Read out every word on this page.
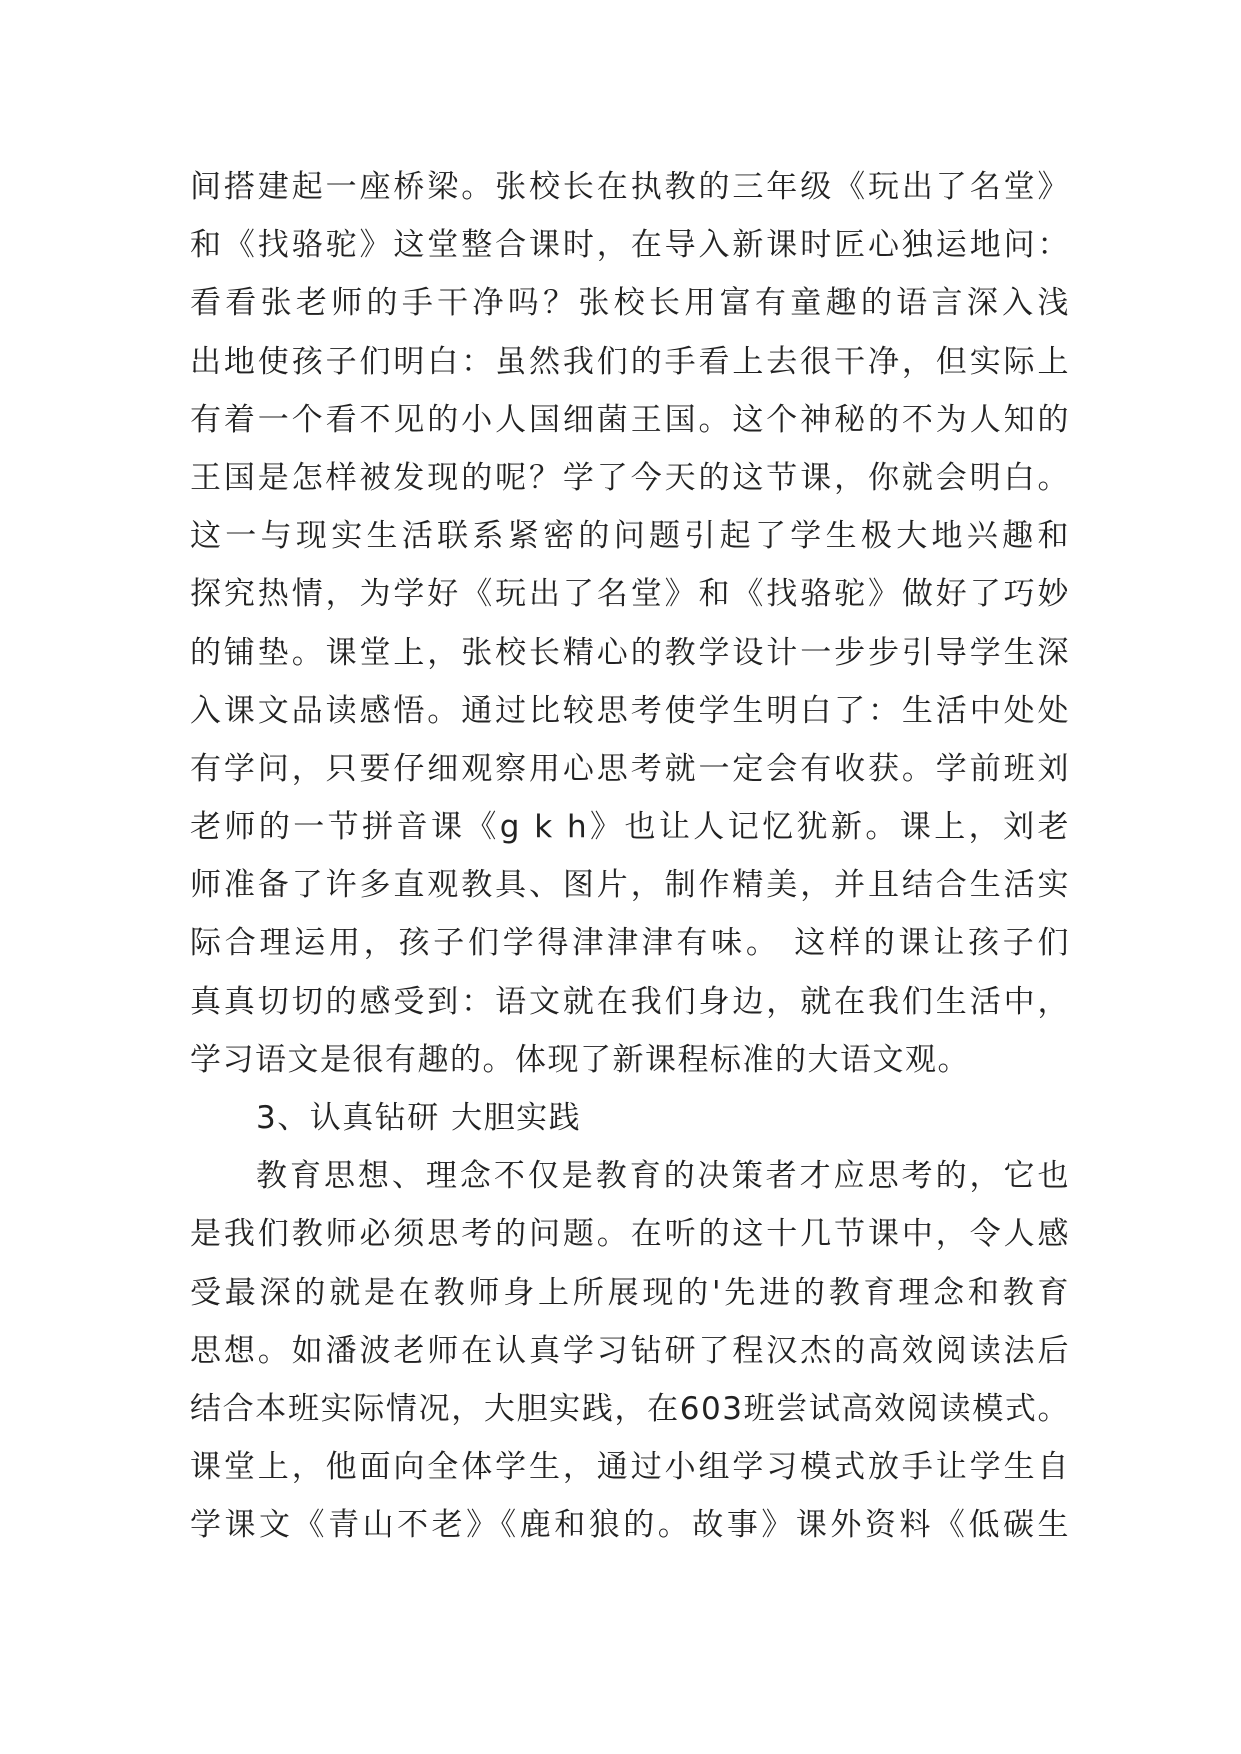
间搭建起一座桥梁。张校长在执教的三年级《玩出了名堂》
和《找骆驼》这堂整合课时，在导入新课时匠心独运地问：
看看张老师的手干净吗？张校长用富有童趣的语言深入浅
出地使孩子们明白：虽然我们的手看上去很干净，但实际上
有着一个看不见的小人国细菌王国。这个神秘的不为人知的
王国是怎样被发现的呢？学了今天的这节课，你就会明白。
这一与现实生活联系紧密的问题引起了学生极大地兴趣和
探究热情，为学好《玩出了名堂》和《找骆驼》做好了巧妙
的铺垫。课堂上，张校长精心的教学设计一步步引导学生深
入课文品读感悟。通过比较思考使学生明白了：生活中处处
有学问，只要仔细观察用心思考就一定会有收获。学前班刘
老师的一节拼音课《g k h》也让人记忆犹新。课上，刘老
师准备了许多直观教具、图片，制作精美，并且结合生活实
际合理运用，孩子们学得津津津有味。 这样的课让孩子们
真真切切的感受到：语文就在我们身边，就在我们生活中，
学习语文是很有趣的。体现了新课程标准的大语文观。
3、认真钻研 大胆实践
教育思想、理念不仅是教育的决策者才应思考的，它也
是我们教师必须思考的问题。在听的这十几节课中，令人感
受最深的就是在教师身上所展现的'先进的教育理念和教育
思想。如潘波老师在认真学习钻研了程汉杰的高效阅读法后
结合本班实际情况，大胆实践，在603班尝试高效阅读模式。
课堂上，他面向全体学生，通过小组学习模式放手让学生自
学课文《青山不老》《鹿和狼的。故事》课外资料《低碳生
